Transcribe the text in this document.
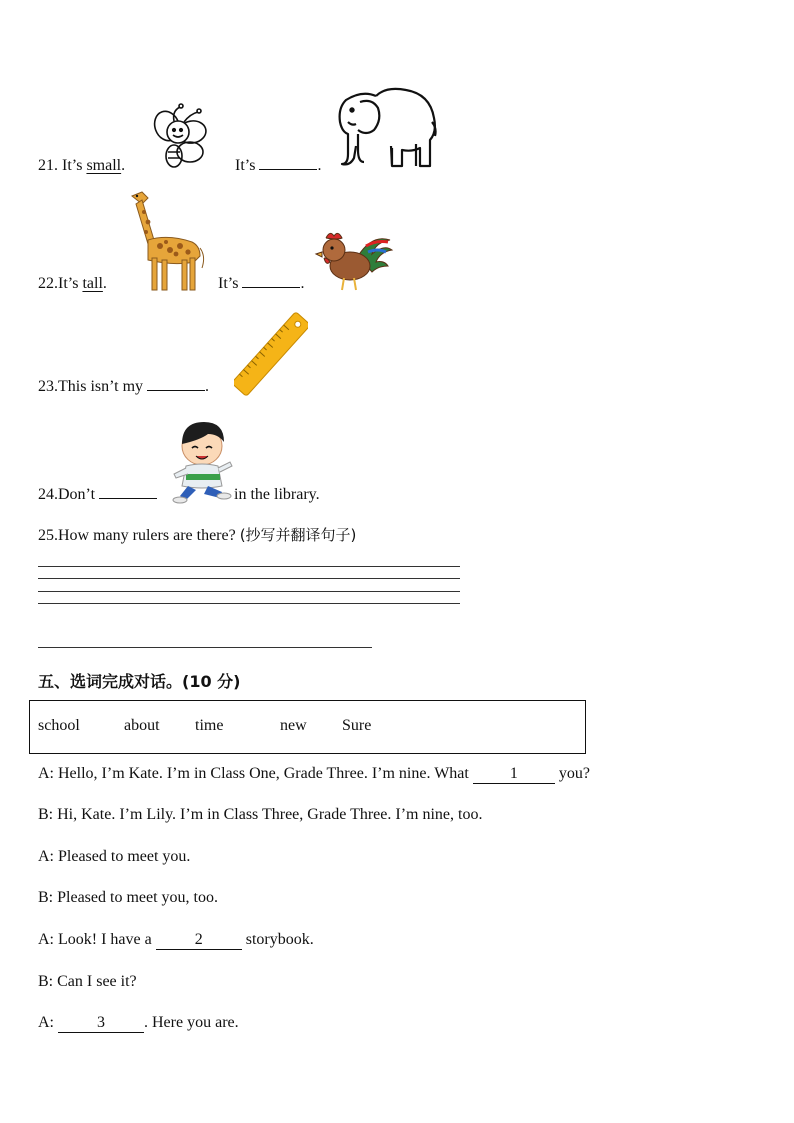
21. It’s small.	It’s	.
22.It’s tall.	It’s	.
23.This isn’t my	.
24.Don’t	in the library.
25.How many rulers are there? (抄写并翻译句子)
五、选词完成对话。(10 分)
school	about time	new Sure
A: Hello, I’m Kate. I’m in Class One, Grade Three. I’m nine. What 1 you?
B: Hi, Kate. I’m Lily. I’m in Class Three, Grade Three. I’m nine, too.
A: Pleased to meet you.
B: Pleased to meet you, too.
A: Look! I have a 2 storybook.
B: Can I see it?
A: 3 . Here you are.
